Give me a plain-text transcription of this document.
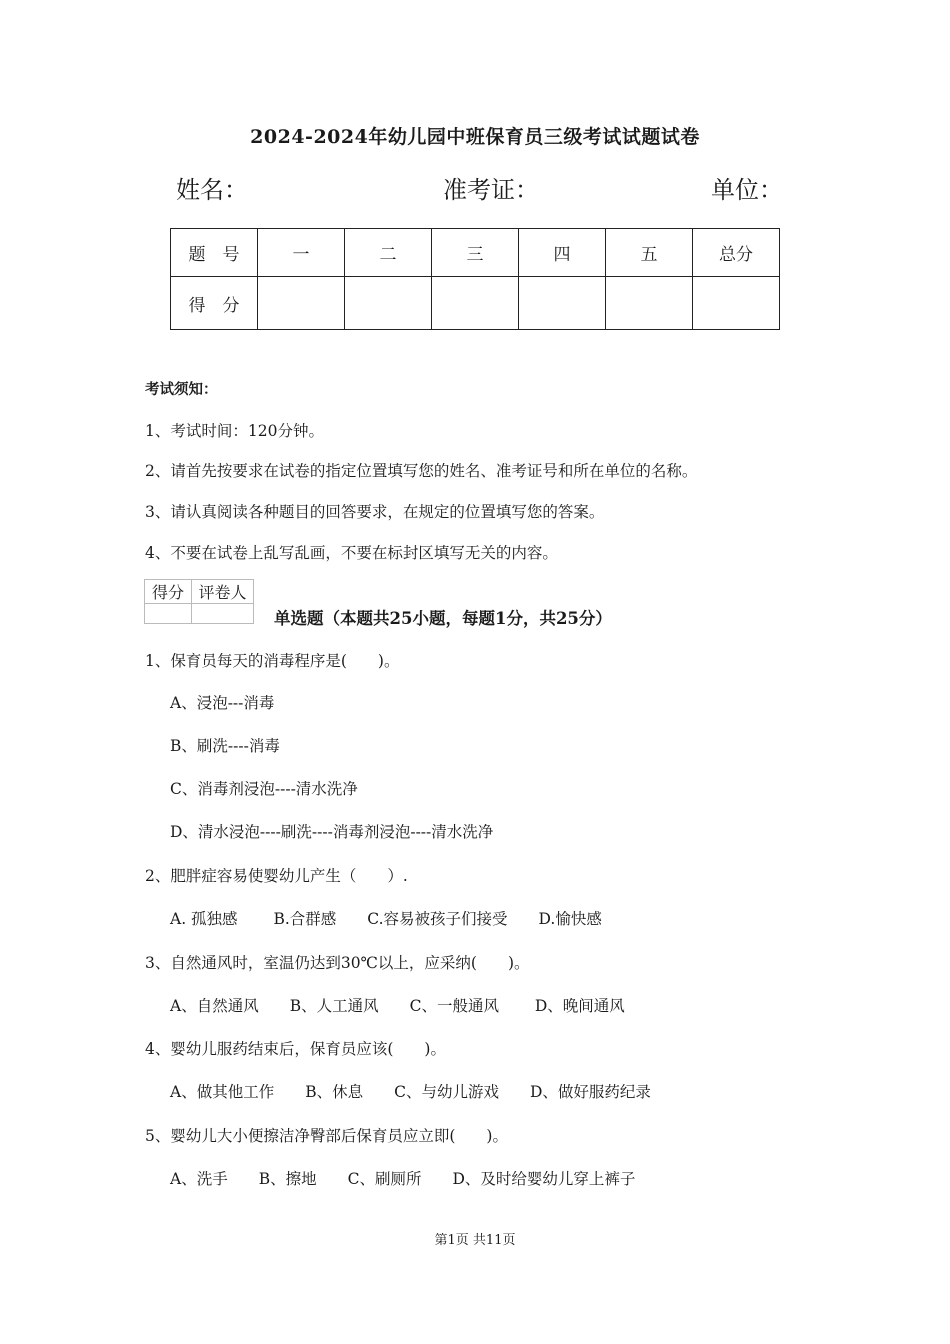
2024-2024年幼儿园中班保育员三级考试试题试卷
姓名：	准考证：	单位：
题　号	一	二	三	四	五	总分
得　分						
考试须知：
1、考试时间：120分钟。
2、请首先按要求在试卷的指定位置填写您的姓名、准考证号和所在单位的名称。
3、请认真阅读各种题目的回答要求，在规定的位置填写您的答案。
4、不要在试卷上乱写乱画，不要在标封区填写无关的内容。
得分	评卷人

单选题（本题共25小题，每题1分，共25分）
1、保育员每天的消毒程序是(　　)。
A、浸泡---消毒
B、刷洗----消毒
C、消毒剂浸泡----清水洗净
D、清水浸泡----刷洗----消毒剂浸泡----清水洗净
2、肥胖症容易使婴幼儿产生（　　）.
A. 孤独感　　 B.合群感　　C.容易被孩子们接受　　D.愉快感
3、自然通风时，室温仍达到30℃以上，应采纳(　　)。
A、自然通风　　B、人工通风　　C、一般通风　　 D、晚间通风
4、婴幼儿服药结束后，保育员应该(　　)。
A、做其他工作　　B、休息　　C、与幼儿游戏　　D、做好服药纪录
5、婴幼儿大小便擦洁净臀部后保育员应立即(　　)。
A、洗手　　B、擦地　　C、刷厕所　　D、及时给婴幼儿穿上裤子
第1页 共11页
